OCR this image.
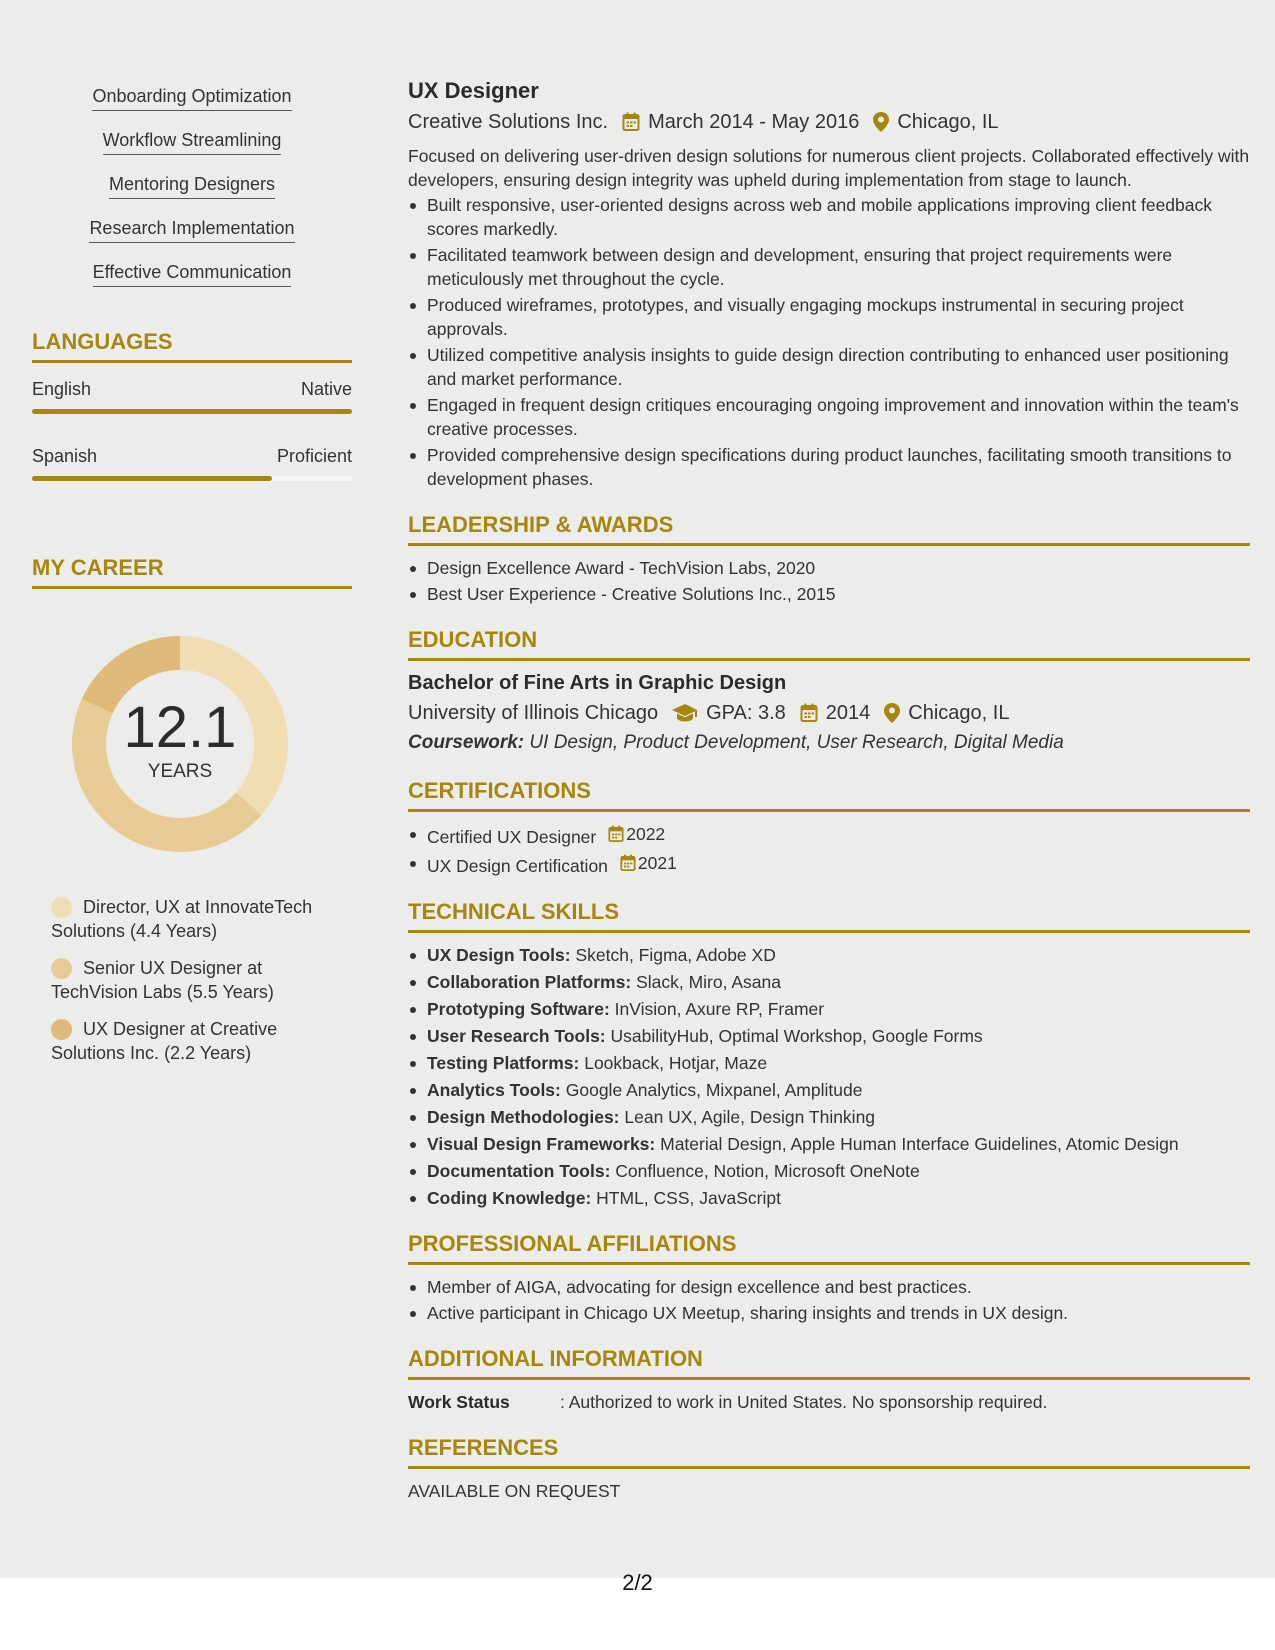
Onboarding Optimization
Workflow Streamlining
Mentoring Designers
Research Implementation
Effective Communication
LANGUAGES
English	Native
Spanish	Proficient
MY CAREER
12.1
YEARS
Director, UX at InnovateTech Solutions (4.4 Years)
Senior UX Designer at TechVision Labs (5.5 Years)
UX Designer at Creative Solutions Inc. (2.2 Years)
UX Designer
Creative Solutions Inc. March 2014 - May 2016 Chicago, IL
Focused on delivering user-driven design solutions for numerous client projects. Collaborated effectively with developers, ensuring design integrity was upheld during implementation from stage to launch.
Built responsive, user-oriented designs across web and mobile applications improving client feedback scores markedly.
Facilitated teamwork between design and development, ensuring that project requirements were meticulously met throughout the cycle.
Produced wireframes, prototypes, and visually engaging mockups instrumental in securing project approvals.
Utilized competitive analysis insights to guide design direction contributing to enhanced user positioning and market performance.
Engaged in frequent design critiques encouraging ongoing improvement and innovation within the team's creative processes.
Provided comprehensive design specifications during product launches, facilitating smooth transitions to development phases.
LEADERSHIP & AWARDS
Design Excellence Award - TechVision Labs, 2020
Best User Experience - Creative Solutions Inc., 2015
EDUCATION
Bachelor of Fine Arts in Graphic Design
University of Illinois Chicago GPA: 3.8 2014 Chicago, IL
Coursework: UI Design, Product Development, User Research, Digital Media
CERTIFICATIONS
Certified UX Designer 2022
UX Design Certification 2021
TECHNICAL SKILLS
UX Design Tools: Sketch, Figma, Adobe XD
Collaboration Platforms: Slack, Miro, Asana
Prototyping Software: InVision, Axure RP, Framer
User Research Tools: UsabilityHub, Optimal Workshop, Google Forms
Testing Platforms: Lookback, Hotjar, Maze
Analytics Tools: Google Analytics, Mixpanel, Amplitude
Design Methodologies: Lean UX, Agile, Design Thinking
Visual Design Frameworks: Material Design, Apple Human Interface Guidelines, Atomic Design
Documentation Tools: Confluence, Notion, Microsoft OneNote
Coding Knowledge: HTML, CSS, JavaScript
PROFESSIONAL AFFILIATIONS
Member of AIGA, advocating for design excellence and best practices.
Active participant in Chicago UX Meetup, sharing insights and trends in UX design.
ADDITIONAL INFORMATION
Work Status	: Authorized to work in United States. No sponsorship required.
REFERENCES
AVAILABLE ON REQUEST
2/2
